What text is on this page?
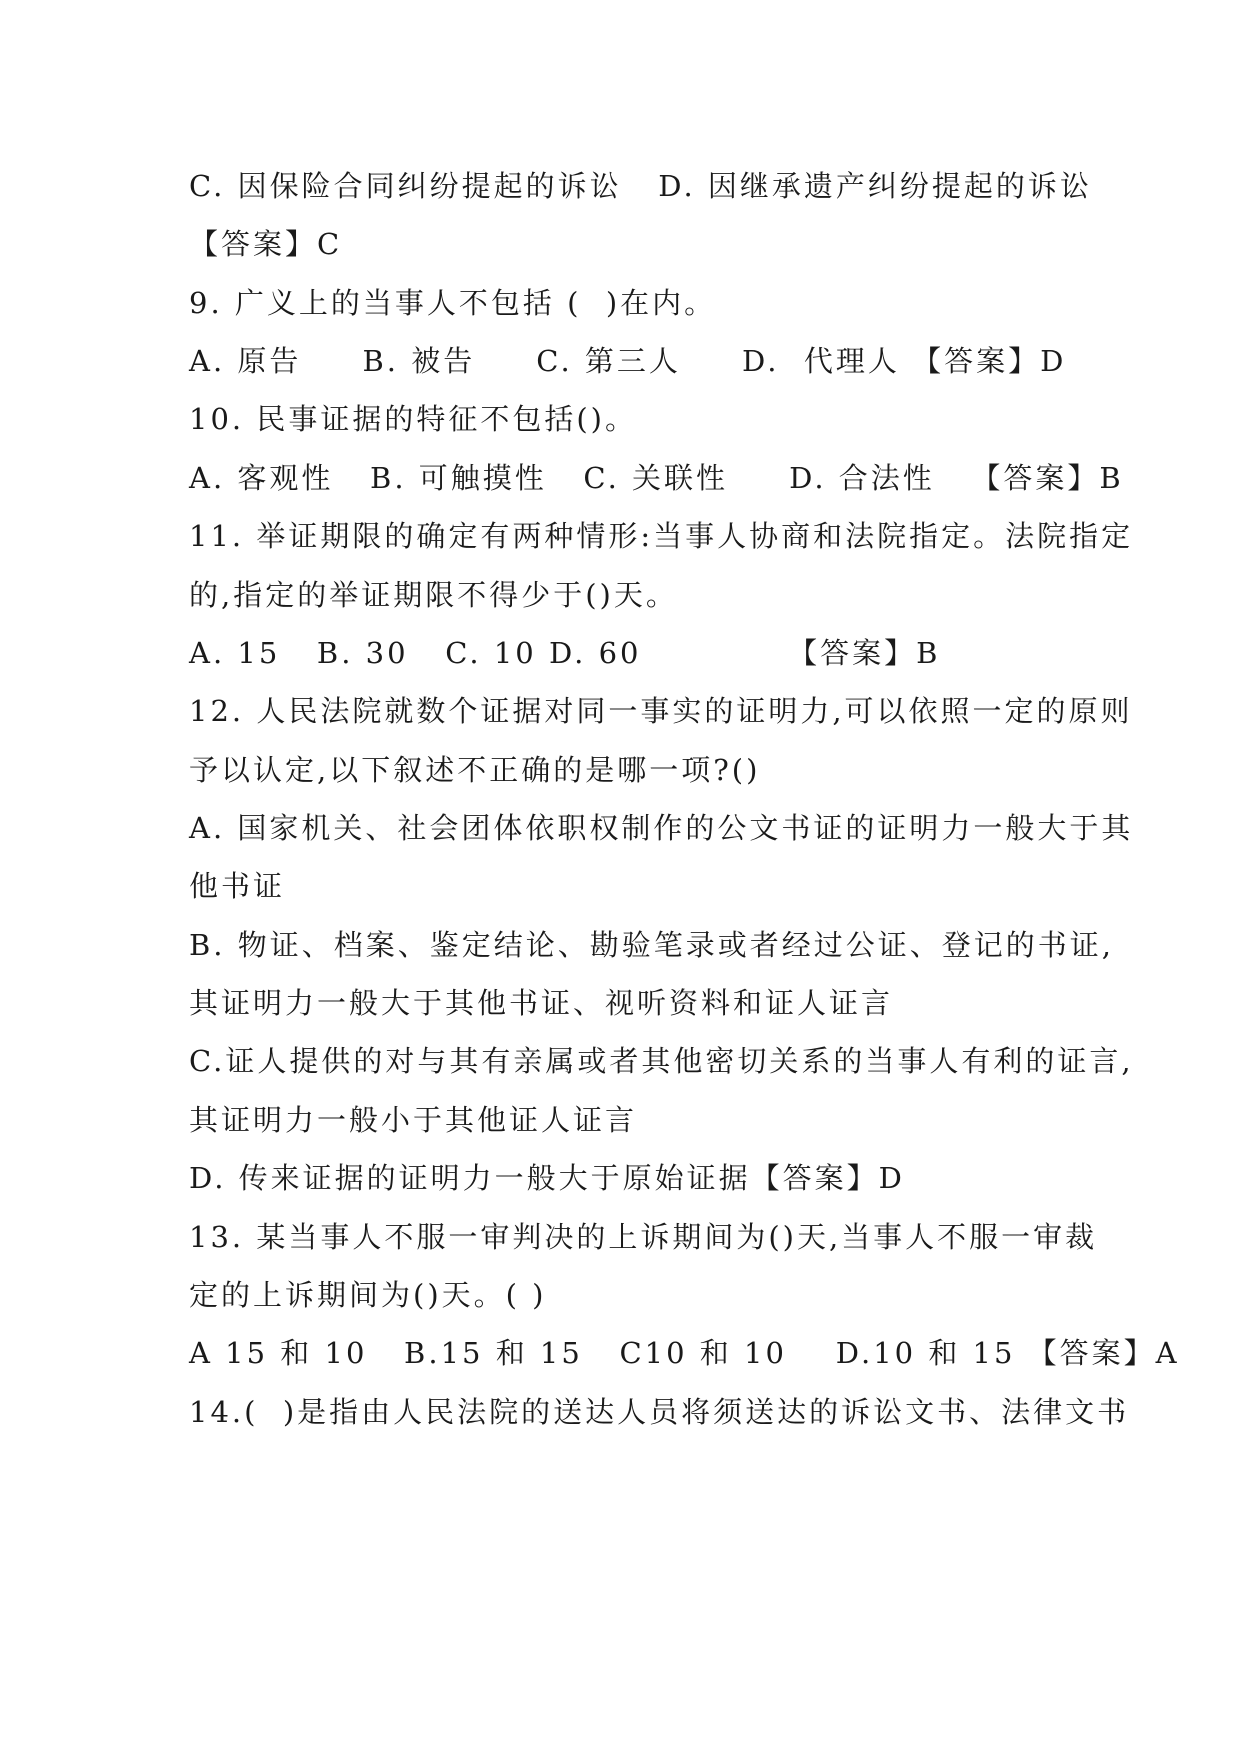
C. 因保险合同纠纷提起的诉讼   D. 因继承遗产纠纷提起的诉讼
【答案】C
9. 广义上的当事人不包括 (  )在内。
A. 原告     B. 被告     C. 第三人     D.  代理人 【答案】D
10. 民事证据的特征不包括()。
A. 客观性   B. 可触摸性   C. 关联性     D. 合法性   【答案】B
11. 举证期限的确定有两种情形:当事人协商和法院指定。法院指定
的,指定的举证期限不得少于()天。
A. 15   B. 30   C. 10 D. 60            【答案】B
12. 人民法院就数个证据对同一事实的证明力,可以依照一定的原则
予以认定,以下叙述不正确的是哪一项?()
A. 国家机关、社会团体依职权制作的公文书证的证明力一般大于其
他书证
B. 物证、档案、鉴定结论、勘验笔录或者经过公证、登记的书证,
其证明力一般大于其他书证、视听资料和证人证言
C.证人提供的对与其有亲属或者其他密切关系的当事人有利的证言,
其证明力一般小于其他证人证言
D. 传来证据的证明力一般大于原始证据【答案】D
13. 某当事人不服一审判决的上诉期间为()天,当事人不服一审裁
定的上诉期间为()天。( )
A 15 和 10   B.15 和 15   C10 和 10    D.10 和 15 【答案】A
14.(  )是指由人民法院的送达人员将须送达的诉讼文书、法律文书
